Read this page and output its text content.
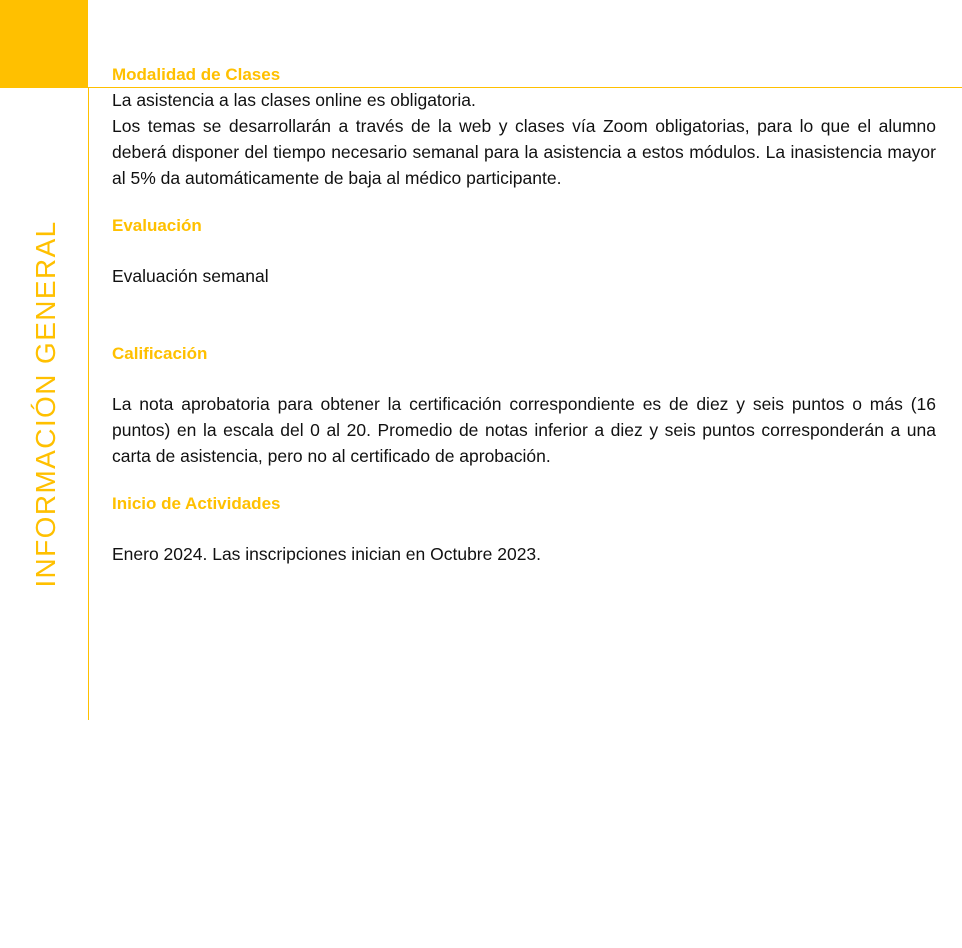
INFORMACIÓN GENERAL

Modalidad de Clases

La asistencia a las clases online es obligatoria.

Los temas se desarrollarán a través de la web y clases vía Zoom obligatorias, para lo que el alumno deberá disponer del tiempo necesario semanal para la asistencia a estos módulos. La inasistencia mayor al 5% da automáticamente de baja al médico participante.

Evaluación

Evaluación semanal

Calificación

La nota aprobatoria para obtener la certificación correspondiente es de diez y seis puntos o más (16 puntos) en la escala del 0 al 20. Promedio de notas inferior a diez y seis puntos corresponderán a una carta de asistencia, pero no al certificado de aprobación.

Inicio de Actividades

Enero 2024. Las inscripciones inician en Octubre 2023.
